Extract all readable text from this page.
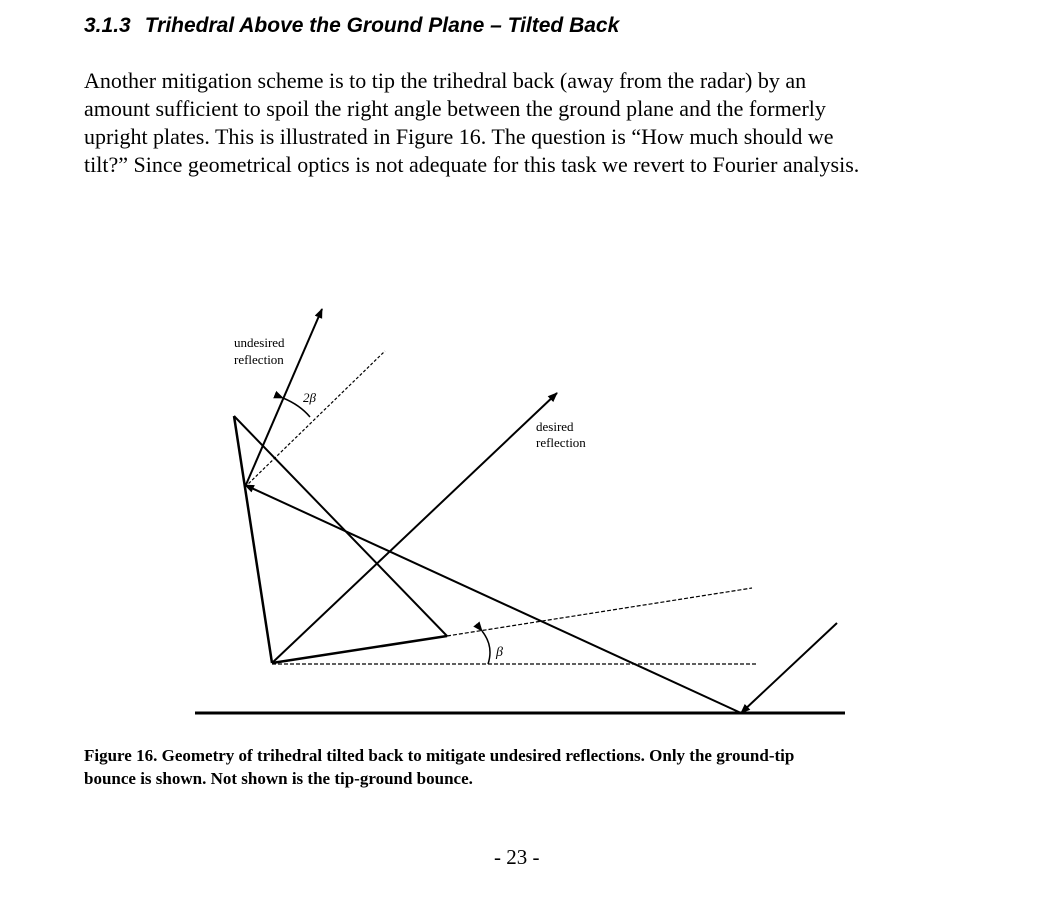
3.1.3 Trihedral Above the Ground Plane – Tilted Back
Another mitigation scheme is to tip the trihedral back (away from the radar) by an
amount sufficient to spoil the right angle between the ground plane and the formerly
upright plates. This is illustrated in Figure 16. The question is “How much should we
tilt?” Since geometrical optics is not adequate for this task we revert to Fourier analysis.
undesired
reflection
desired
reflection
2β
β
Figure 16. Geometry of trihedral tilted back to mitigate undesired reflections. Only the ground-tip
bounce is shown. Not shown is the tip-ground bounce.
- 23 -
